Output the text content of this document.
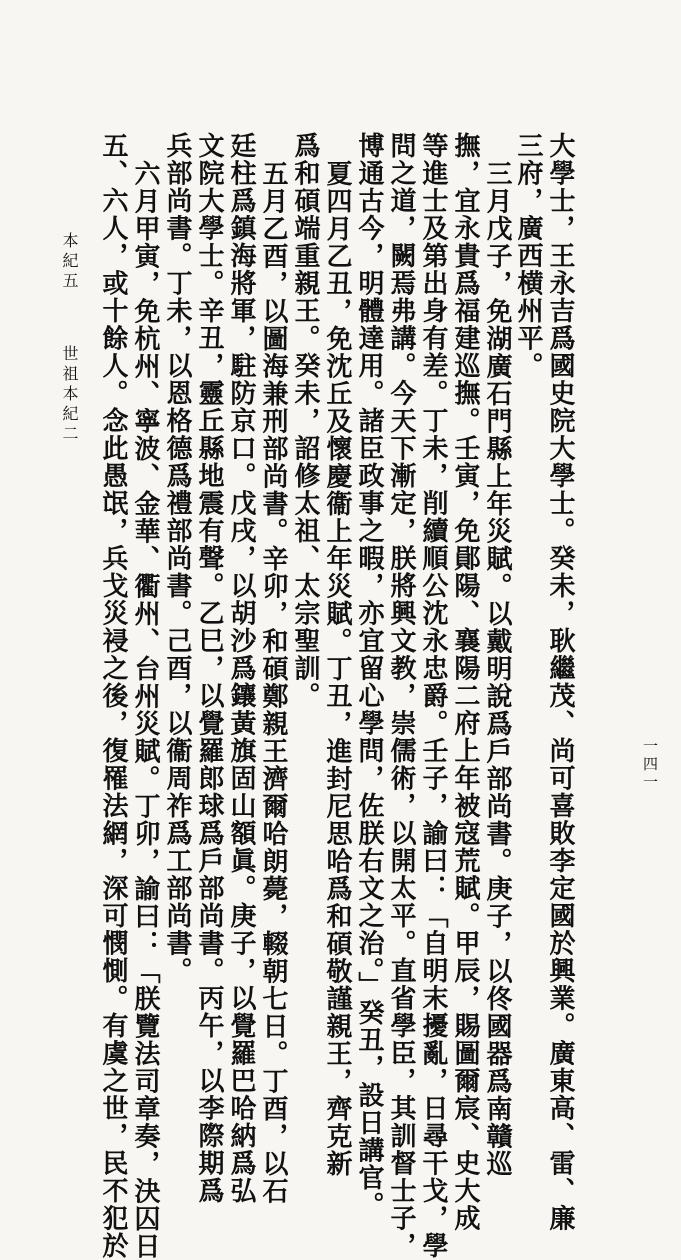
大學士，王永吉爲國史院大學士。癸未，耿繼茂、尚可喜敗李定國於興業。廣東高、雷、廉
三府，廣西横州平。
三月戊子，免湖廣石門縣上年災賦。以戴明說爲戶部尚書。庚子，以佟國器爲南贛巡
撫，宜永貴爲福建巡撫。壬寅，免鄖陽、襄陽二府上年被寇荒賦。甲辰，賜圖爾宸、史大成
等進士及第出身有差。丁未，削續順公沈永忠爵。壬子，諭曰：「自明末擾亂，日尋干戈，學
問之道，闕焉弗講。今天下漸定，朕將興文教，崇儒術，以開太平。直省學臣，其訓督士子，
博通古今，明體達用。諸臣政事之暇，亦宜留心學問，佐朕右文之治。」癸丑，設日講官。
夏四月乙丑，免沈丘及懷慶衞上年災賦。丁丑，進封尼思哈爲和碩敬謹親王，齊克新
爲和碩端重親王。癸未，詔修太祖、太宗聖訓。
五月乙酉，以圖海兼刑部尚書。辛卯，和碩鄭親王濟爾哈朗薨，輟朝七日。丁酉，以石
廷柱爲鎮海將軍，駐防京口。戊戌，以胡沙爲鑲黃旗固山額眞。庚子，以覺羅巴哈納爲弘
文院大學士。辛丑，靈丘縣地震有聲。乙巳，以覺羅郎球爲戶部尚書。丙午，以李際期爲
兵部尚書。丁未，以恩格德爲禮部尚書。己酉，以衞周祚爲工部尚書。
六月甲寅，免杭州、寧波、金華、衢州、台州災賦。丁卯，諭曰：「朕覽法司章奏，決囚日
五、六人，或十餘人。念此愚氓，兵戈災祲之後，復罹法網，深可憫惻。有虞之世，民不犯於
本紀五 世祖本紀二
一四一
